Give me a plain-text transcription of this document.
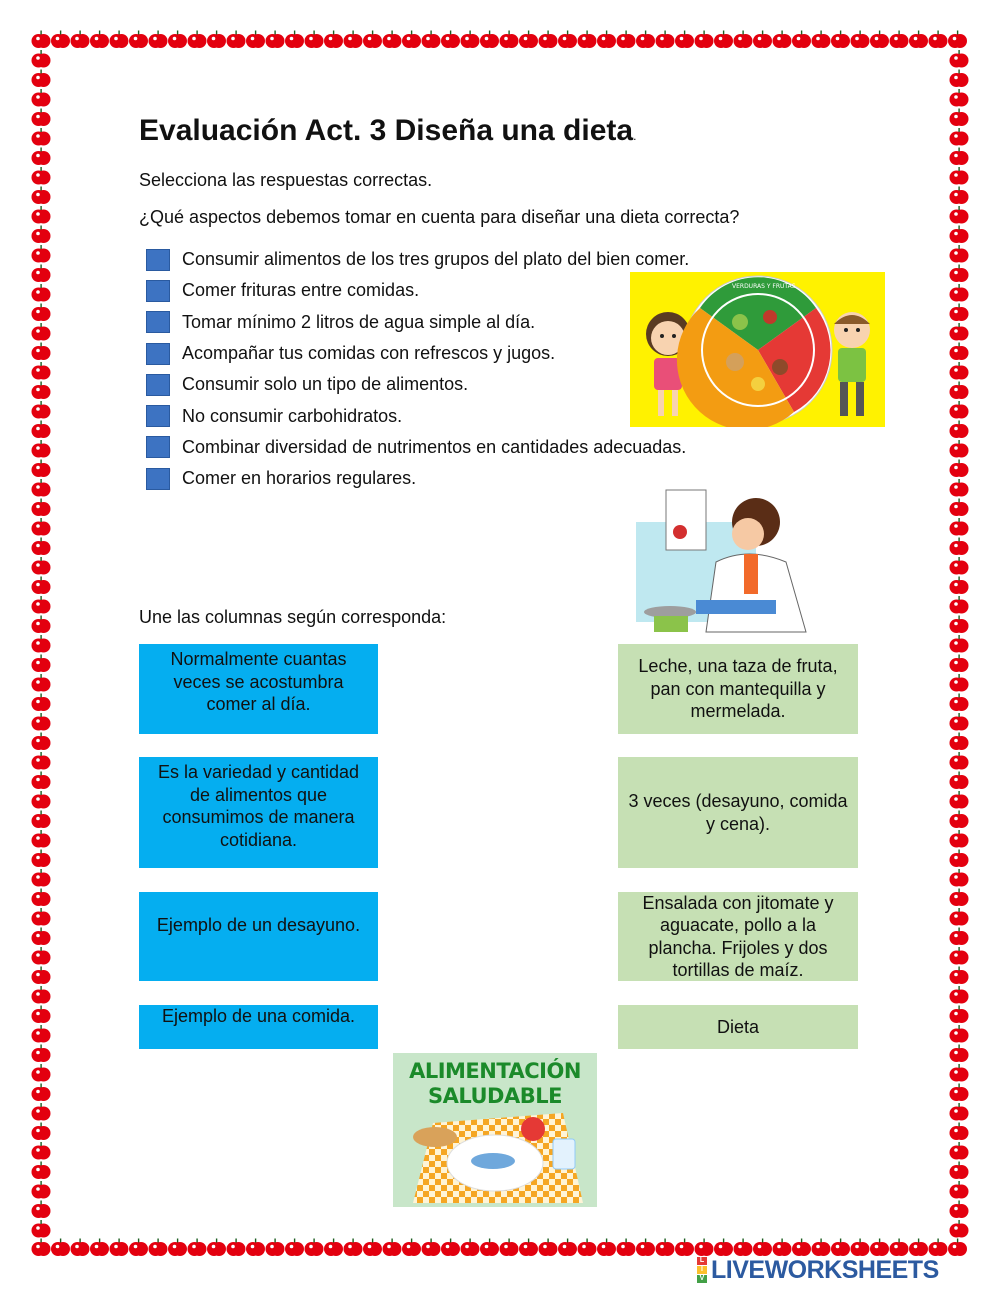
Evaluación Act. 3 Diseña una dieta.
Selecciona las respuestas correctas.
¿Qué aspectos debemos tomar en cuenta para diseñar una dieta correcta?
Consumir alimentos de los tres grupos del plato del bien comer.
Comer frituras entre comidas.
Tomar mínimo 2 litros de agua simple al día.
Acompañar tus comidas con refrescos y jugos.
Consumir solo un tipo de alimentos.
No consumir carbohidratos.
Combinar diversidad de nutrimentos en cantidades adecuadas.
Comer en horarios regulares.
VERDURAS Y FRUTAS
Une las columnas según corresponda:
Normalmente cuantas veces se acostumbra comer al día.
Es la variedad y cantidad de alimentos que consumimos de manera cotidiana.
Ejemplo de un desayuno.
Ejemplo de una comida.
Leche, una taza de fruta, pan con mantequilla y mermelada.
3 veces (desayuno, comida y cena).
Ensalada con jitomate y aguacate, pollo a la plancha. Frijoles y dos tortillas de maíz.
Dieta
ALIMENTACIÓN
SALUDABLE
L
I
V LIVEWORKSHEETS
